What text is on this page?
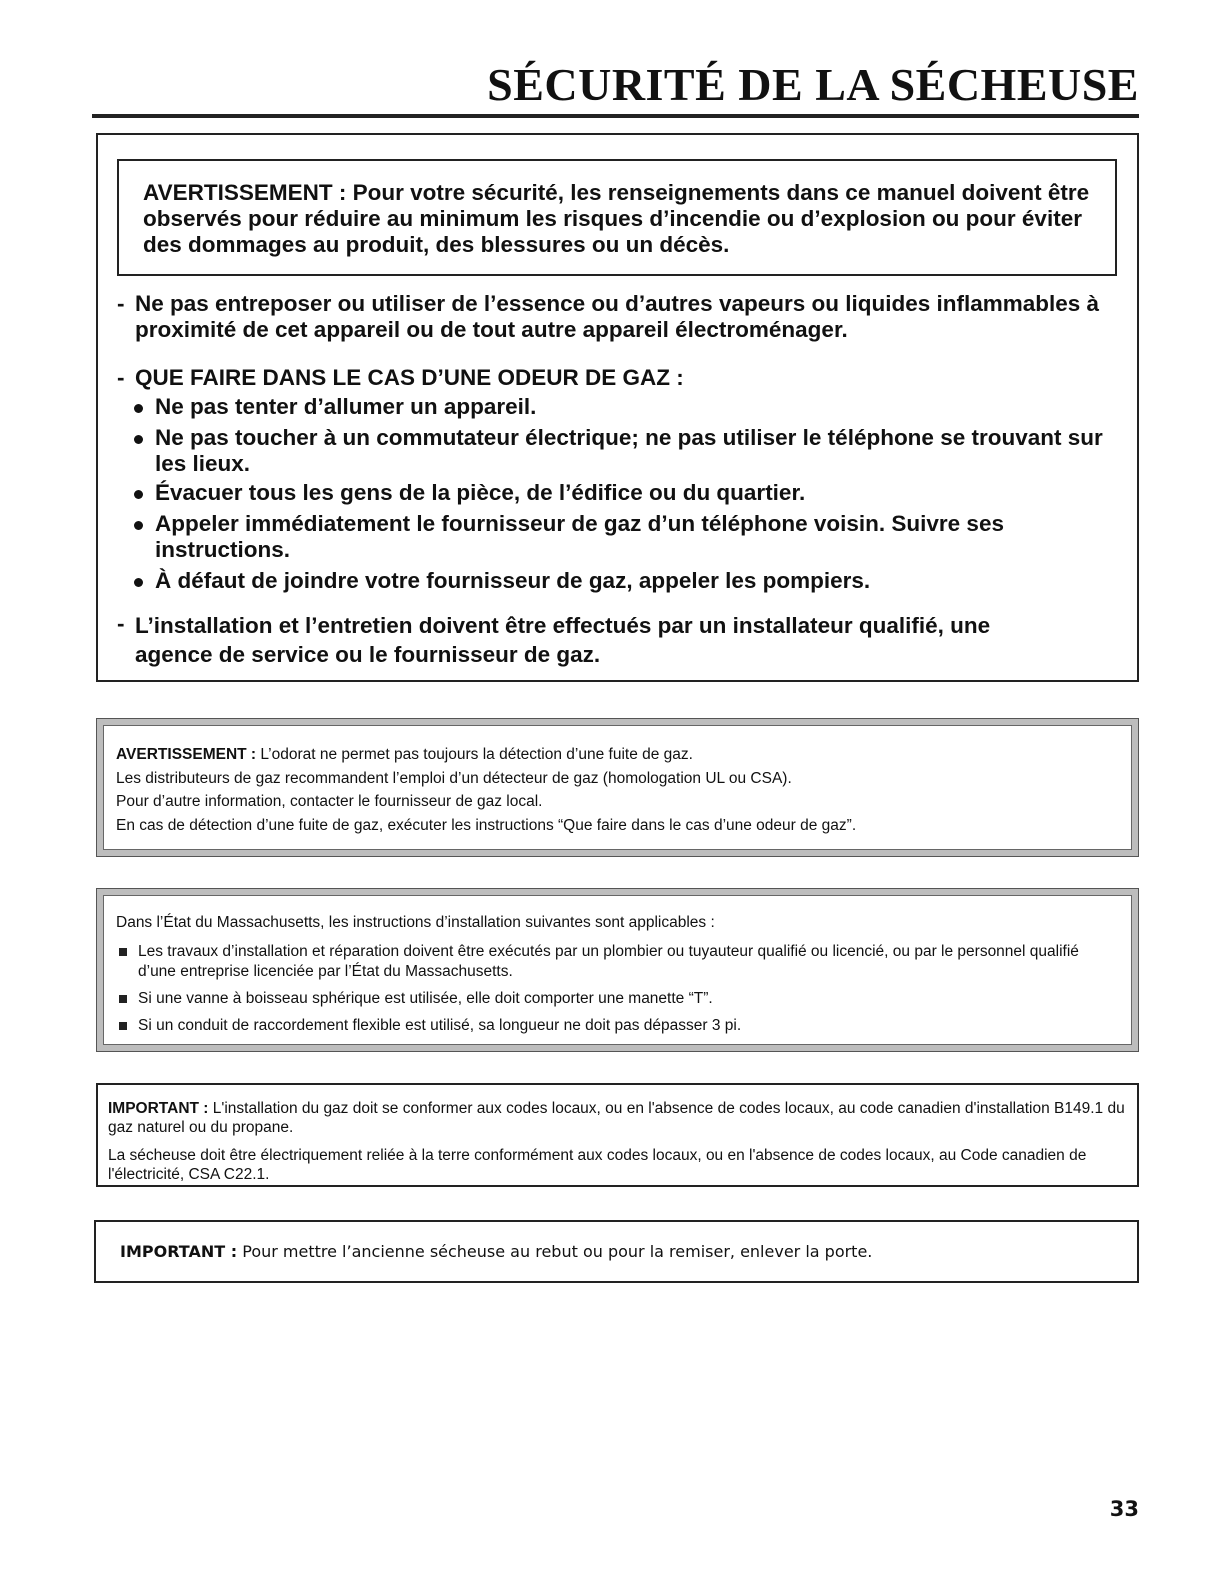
SÉCURITÉ DE LA SÉCHEUSE
AVERTISSEMENT : Pour votre sécurité, les renseignements dans ce manuel doivent être observés pour réduire au minimum les risques d’incendie ou d’explosion ou pour éviter des dommages au produit, des blessures ou un décès.
- Ne pas entreposer ou utiliser de l’essence ou d’autres vapeurs ou liquides inflammables à proximité de cet appareil ou de tout autre appareil électroménager.
- QUE FAIRE DANS LE CAS D’UNE ODEUR DE GAZ :
Ne pas tenter d’allumer un appareil.
Ne pas toucher à un commutateur électrique; ne pas utiliser le téléphone se trouvant sur les lieux.
Évacuer tous les gens de la pièce, de l’édifice ou du quartier.
Appeler immédiatement le fournisseur de gaz d’un téléphone voisin. Suivre ses instructions.
À défaut de joindre votre fournisseur de gaz, appeler les pompiers.
- L’installation et l’entretien doivent être effectués par un installateur qualifié, une agence de service ou le fournisseur de gaz.
AVERTISSEMENT : L’odorat ne permet pas toujours la détection d’une fuite de gaz.
Les distributeurs de gaz recommandent l’emploi d’un détecteur de gaz (homologation UL ou CSA).
Pour d’autre information, contacter le fournisseur de gaz local.
En cas de détection d’une fuite de gaz, exécuter les instructions “Que faire dans le cas d’une odeur de gaz”.
Dans l’État du Massachusetts, les instructions d’installation suivantes sont applicables :
Les travaux d’installation et réparation doivent être exécutés par un plombier ou tuyauteur qualifié ou licencié, ou par le personnel qualifié d’une entreprise licenciée par l’État du Massachusetts.
Si une vanne à boisseau sphérique est utilisée, elle doit comporter une manette “T”.
Si un conduit de raccordement flexible est utilisé, sa longueur ne doit pas dépasser 3 pi.

IMPORTANT : L'installation du gaz doit se conformer aux codes locaux, ou en l'absence de codes locaux, au code canadien d'installation B149.1 du gaz naturel ou du propane.

La sécheuse doit être électriquement reliée à la terre conformément aux codes locaux, ou en l'absence de codes locaux, au Code canadien de l'électricité, CSA C22.1.

IMPORTANT : Pour mettre l’ancienne sécheuse au rebut ou pour la remiser, enlever la porte.
33
